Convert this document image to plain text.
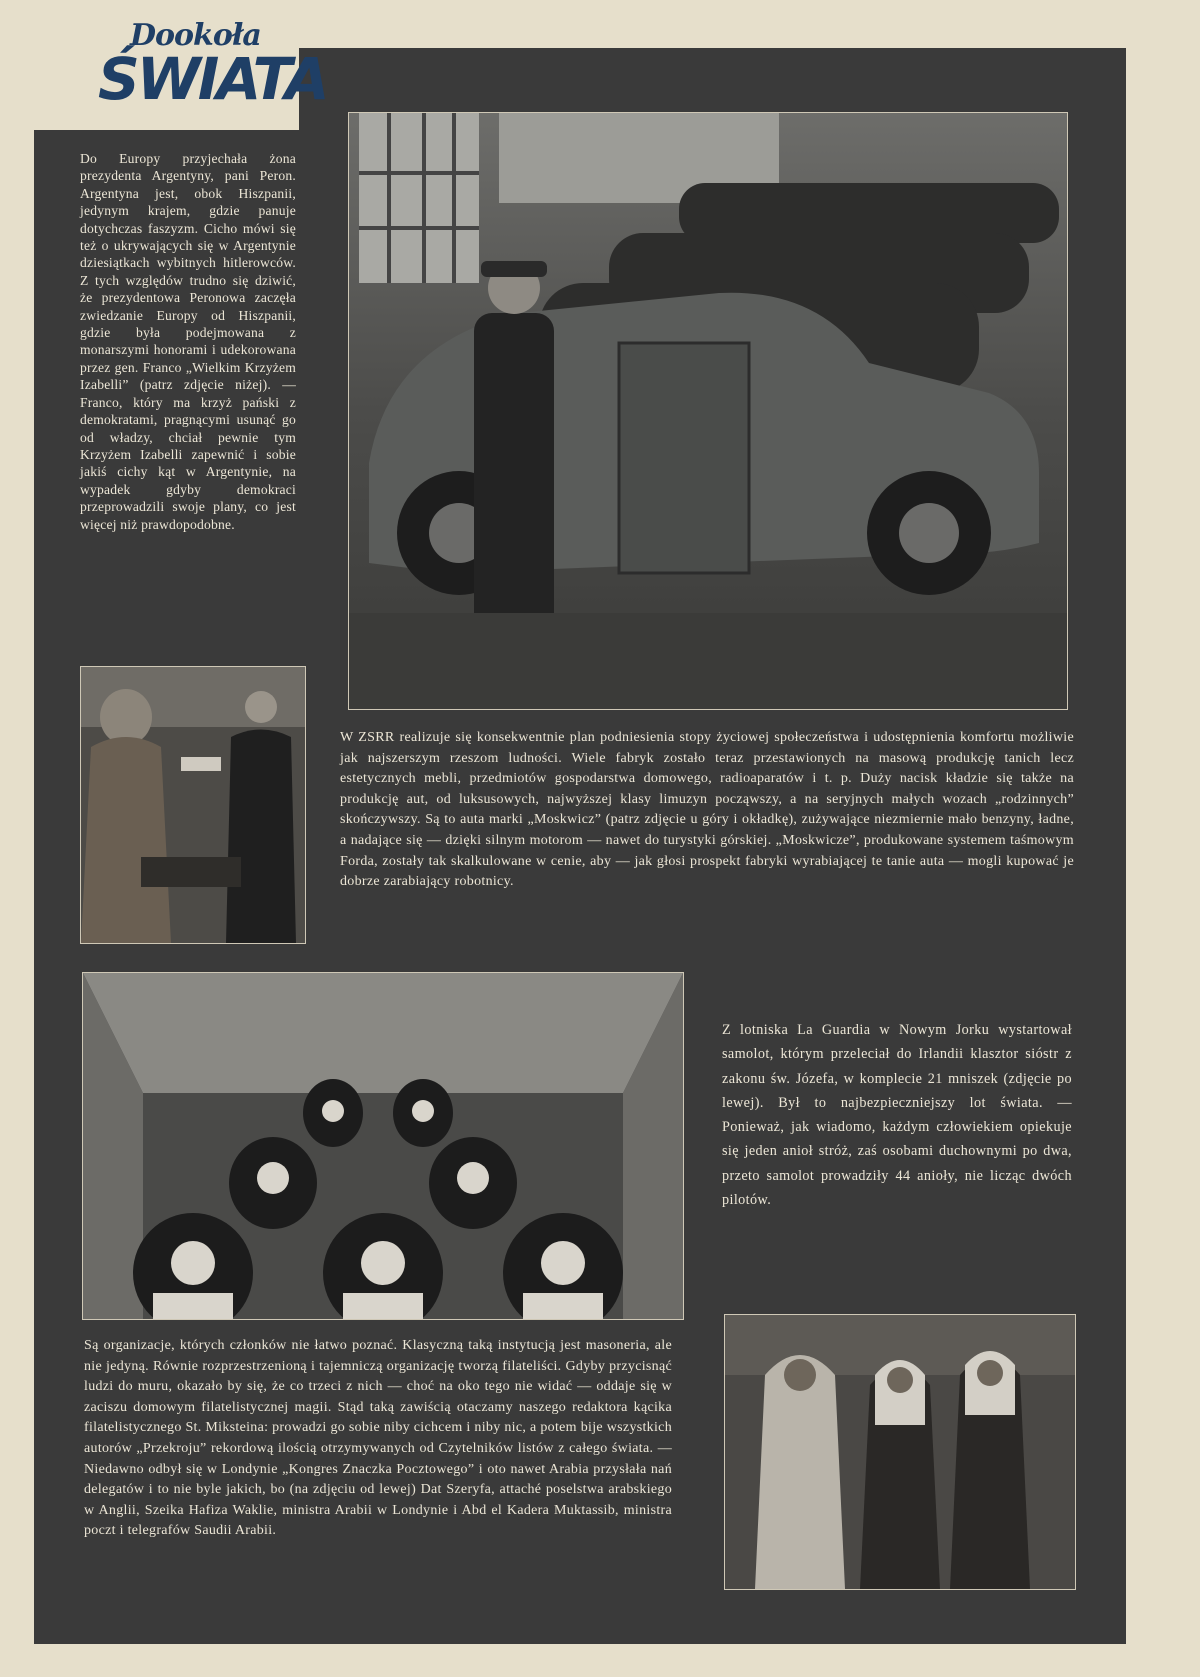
Dookoła
ŚWIATA

Do Europy przyjechała żona prezydenta Argentyny, pani Peron. Argentyna jest, obok Hiszpanii, jedynym krajem, gdzie panuje dotychczas faszyzm. Cicho mówi się też o ukrywających się w Argentynie dziesiątkach wybitnych hitlerowców. Z tych względów trudno się dziwić, że prezydentowa Peronowa zaczęła zwiedzanie Europy od Hiszpanii, gdzie była podejmowana z monarszymi honorami i udekorowana przez gen. Franco „Wielkim Krzyżem Izabelli” (patrz zdjęcie niżej). — Franco, który ma krzyż pański z demokratami, pragnącymi usunąć go od władzy, chciał pewnie tym Krzyżem Izabelli zapewnić i sobie jakiś cichy kąt w Argentynie, na wypadek gdyby demokraci przeprowadzili swoje plany, co jest więcej niż prawdopodobne.

W ZSRR realizuje się konsekwentnie plan podniesienia stopy życiowej społeczeństwa i udostępnienia komfortu możliwie jak najszerszym rzeszom ludności. Wiele fabryk zostało teraz przestawionych na masową produkcję tanich lecz estetycznych mebli, przedmiotów gospodarstwa domowego, radioaparatów i t. p. Duży nacisk kładzie się także na produkcję aut, od luksusowych, najwyższej klasy limuzyn począwszy, a na seryjnych małych wozach „rodzinnych” skończywszy. Są to auta marki „Moskwicz” (patrz zdjęcie u góry i okładkę), zużywające niezmiernie mało benzyny, ładne, a nadające się — dzięki silnym motorom — nawet do turystyki górskiej. „Moskwicze”, produkowane systemem taśmowym Forda, zostały tak skalkulowane w cenie, aby — jak głosi prospekt fabryki wyrabiającej te tanie auta — mogli kupować je dobrze zarabiający robotnicy.

Z lotniska La Guardia w Nowym Jorku wystartował samolot, którym przeleciał do Irlandii klasztor sióstr z zakonu św. Józefa, w komplecie 21 mniszek (zdjęcie po lewej). Był to najbezpieczniejszy lot świata. — Ponieważ, jak wiadomo, każdym człowiekiem opiekuje się jeden anioł stróż, zaś osobami duchownymi po dwa, przeto samolot prowadziły 44 anioły, nie licząc dwóch pilotów.

Są organizacje, których członków nie łatwo poznać. Klasyczną taką instytucją jest masoneria, ale nie jedyną. Równie rozprzestrzenioną i tajemniczą organizację tworzą filateliści. Gdyby przycisnąć ludzi do muru, okazało by się, że co trzeci z nich — choć na oko tego nie widać — oddaje się w zaciszu domowym filatelistycznej magii. Stąd taką zawiścią otaczamy naszego redaktora kącika filatelistycznego St. Miksteina: prowadzi go sobie niby cichcem i niby nic, a potem bije wszystkich autorów „Przekroju” rekordową ilością otrzymywanych od Czytelników listów z całego świata. — Niedawno odbył się w Londynie „Kongres Znaczka Pocztowego” i oto nawet Arabia przysłała nań delegatów i to nie byle jakich, bo (na zdjęciu od lewej) Dat Szeryfa, attaché poselstwa arabskiego w Anglii, Szeika Hafiza Waklie, ministra Arabii w Londynie i Abd el Kadera Muktassib, ministra poczt i telegrafów Saudii Arabii.
